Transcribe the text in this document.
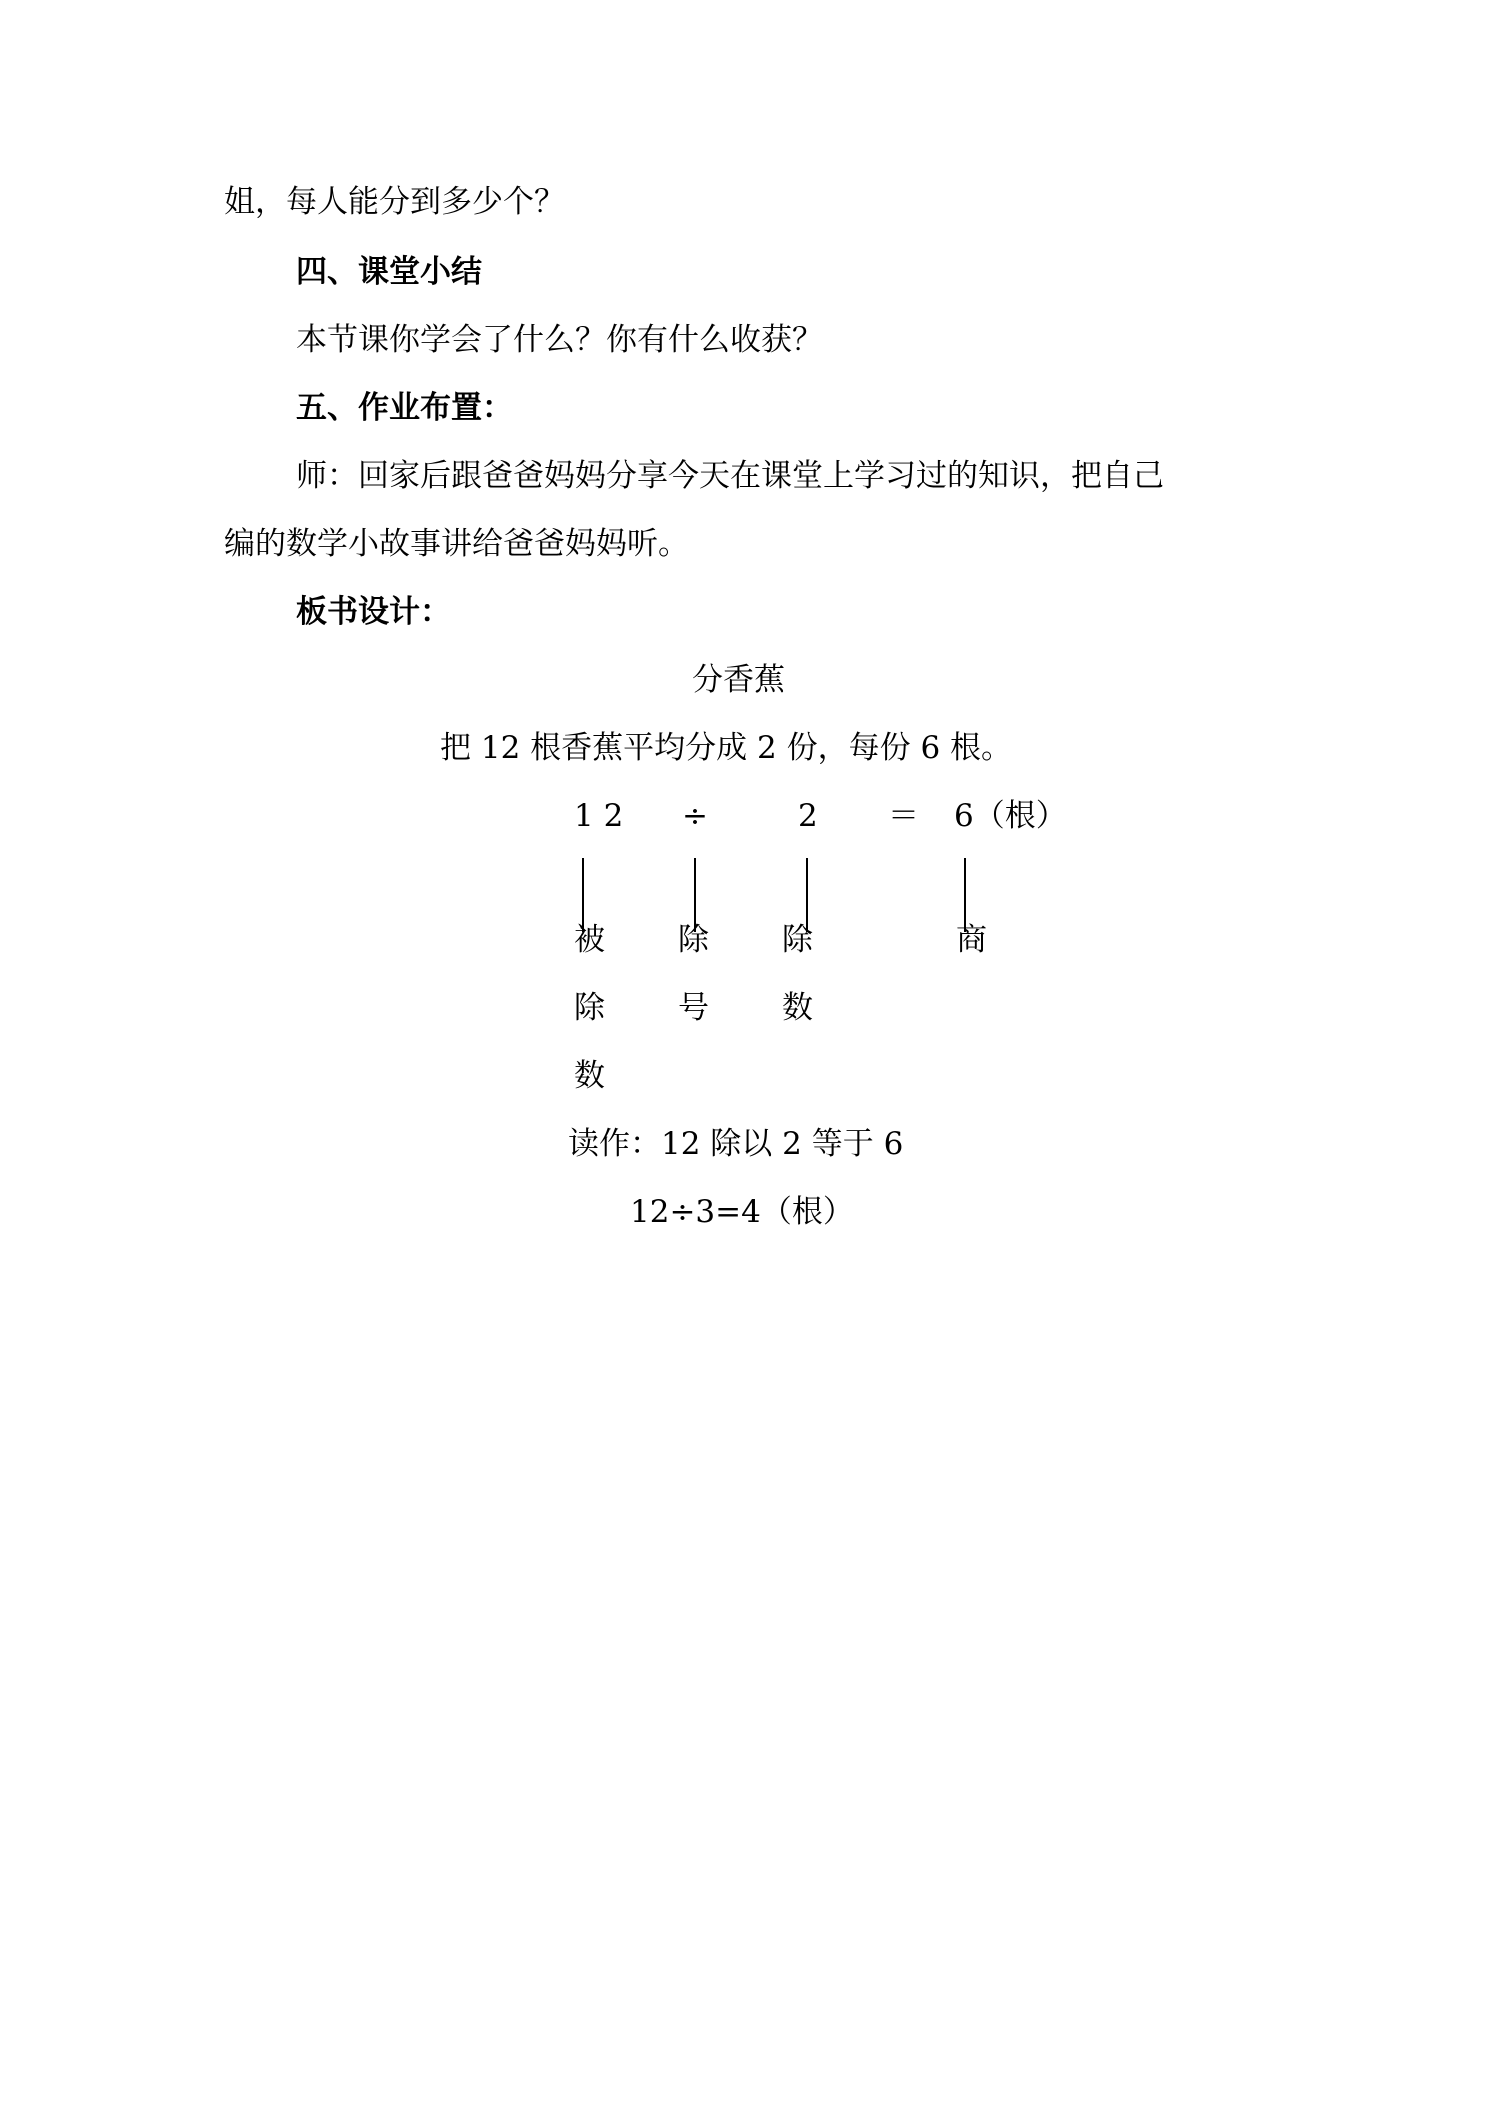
姐，每人能分到多少个？
四、课堂小结
本节课你学会了什么？你有什么收获？
五、作业布置：
师：回家后跟爸爸妈妈分享今天在课堂上学习过的知识，把自己
编的数学小故事讲给爸爸妈妈听。
板书设计：
分香蕉
把 12 根香蕉平均分成 2 份，每份 6 根。
1 2 ÷	2 ＝ 6（根）
被
除
数
除
号
除
数
商
读作：12 除以 2 等于 6
12÷3=4（根）
